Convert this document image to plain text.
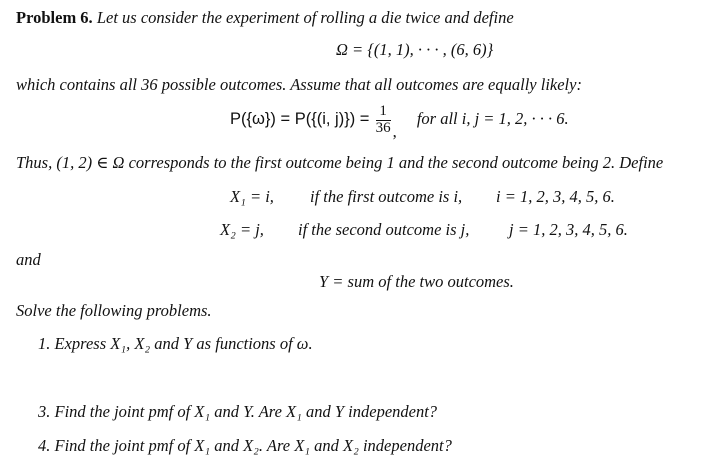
Problem 6. Let us consider the experiment of rolling a die twice and define
Ω = {(1, 1), · · · , (6, 6)}
which contains all 36 possible outcomes. Assume that all outcomes are equally likely:
P({ω}) = P({(i, $j)\}) = \frac{1}{36}$ , for all i, j = 1, 2, · · · 6.
Thus, (1, 2) ∈ Ω corresponds to the first outcome being 1 and the second outcome being 2. Define
X₁ = i, if the first outcome is i, i = 1, 2, 3, 4, 5, 6.
X₂ = j, if the second outcome is j, j = 1, 2, 3, 4, 5, 6.
and
Y = sum of the two outcomes.
Solve the following problems.
1. Express X₁, X₂ and Y as functions of ω.
3. Find the joint pmf of X₁ and Y. Are X₁ and Y independent?
4. Find the joint pmf of X₁ and X₂. Are X₁ and X₂ independent?
